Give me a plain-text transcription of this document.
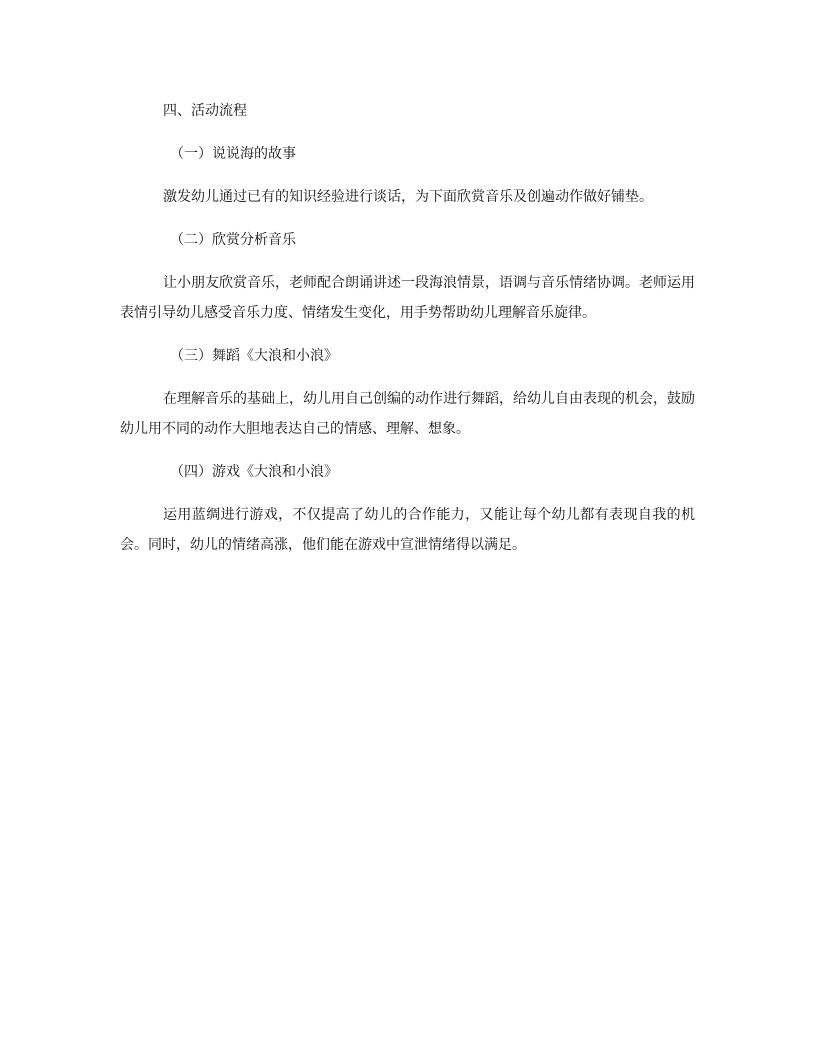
四、活动流程
（一）说说海的故事
激发幼儿通过已有的知识经验进行谈话，为下面欣赏音乐及创遍动作做好铺垫。
（二）欣赏分析音乐
让小朋友欣赏音乐，老师配合朗诵讲述一段海浪情景，语调与音乐情绪协调。老师运用表情引导幼儿感受音乐力度、情绪发生变化，用手势帮助幼儿理解音乐旋律。
（三）舞蹈《大浪和小浪》
在理解音乐的基础上，幼儿用自己创编的动作进行舞蹈，给幼儿自由表现的机会，鼓励幼儿用不同的动作大胆地表达自己的情感、理解、想象。
（四）游戏《大浪和小浪》
运用蓝绸进行游戏，不仅提高了幼儿的合作能力，又能让每个幼儿都有表现自我的机会。同时，幼儿的情绪高涨，他们能在游戏中宣泄情绪得以满足。
